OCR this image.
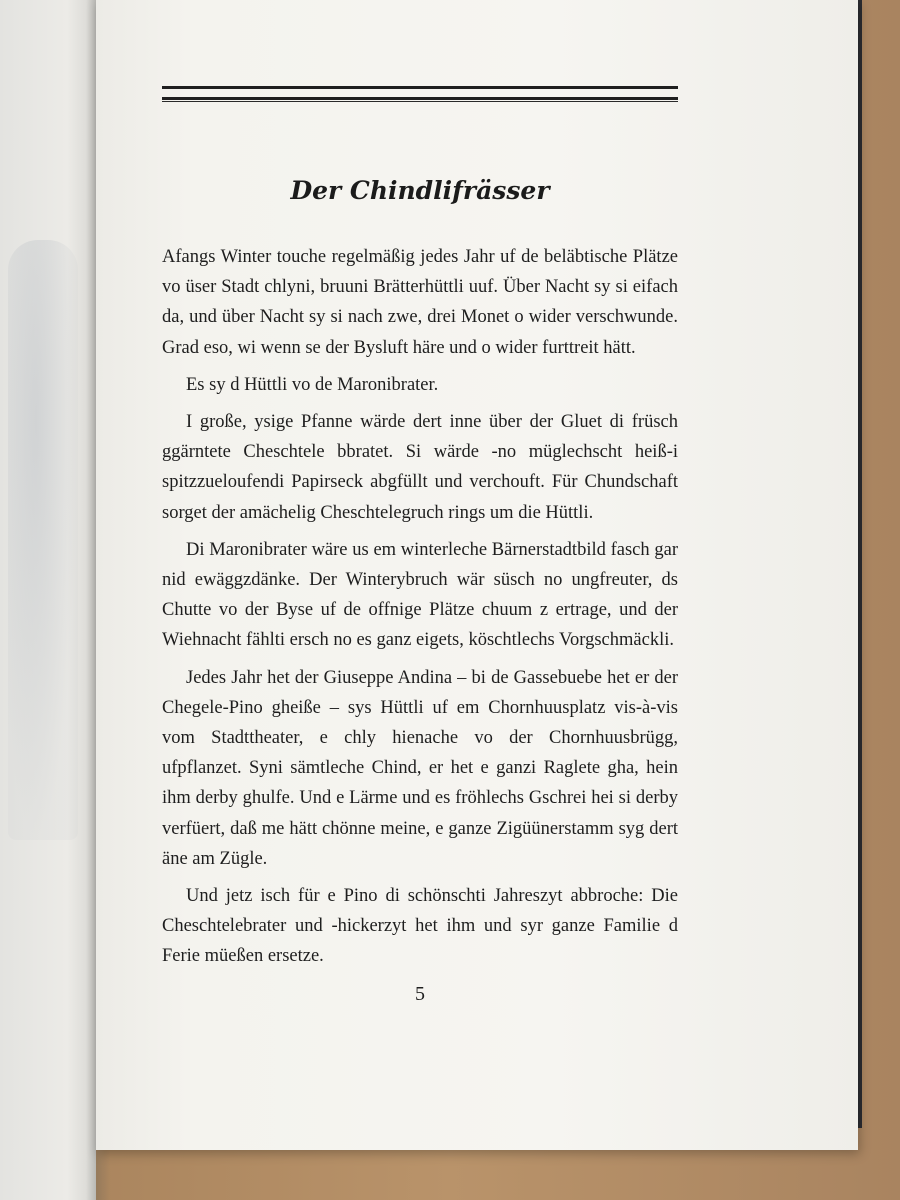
Der Chindlifrässer

Afangs Winter touche regelmäßig jedes Jahr uf de beläbtische Plätze vo üser Stadt chlyni, bruuni Brätterhüttli uuf. Über Nacht sy si eifach da, und über Nacht sy si nach zwe, drei Monet o wider verschwunde. Grad eso, wi wenn se der Bysluft häre und o wider furttreit hätt.

Es sy d Hüttli vo de Maronibrater.

I große, ysige Pfanne wärde dert inne über der Gluet di früsch ggärntete Cheschtele bbratet. Si wärde -no müglechscht heiß-i spitzzueloufendi Papirseck abgfüllt und verchouft. Für Chundschaft sorget der amächelig Cheschtelegruch rings um die Hüttli.

Di Maronibrater wäre us em winterleche Bärnerstadtbild fasch gar nid ewäggzdänke. Der Winterybruch wär süsch no ungfreuter, ds Chutte vo der Byse uf de offnige Plätze chuum z ertrage, und der Wiehnacht fählti ersch no es ganz eigets, köschtlechs Vorgschmäckli.

Jedes Jahr het der Giuseppe Andina – bi de Gassebuebe het er der Chegele-Pino gheiße – sys Hüttli uf em Chornhuusplatz vis-à-vis vom Stadttheater, e chly hienache vo der Chornhuusbrügg, ufpflanzet. Syni sämtleche Chind, er het e ganzi Raglete gha, hein ihm derby ghulfe. Und e Lärme und es fröhlechs Gschrei hei si derby verfüert, daß me hätt chönne meine, e ganze Zigüünerstamm syg dert äne am Zügle.

Und jetz isch für e Pino di schönschti Jahreszyt abbroche: Die Cheschtelebrater und -hickerzyt het ihm und syr ganze Familie d Ferie müeßen ersetze.

5
